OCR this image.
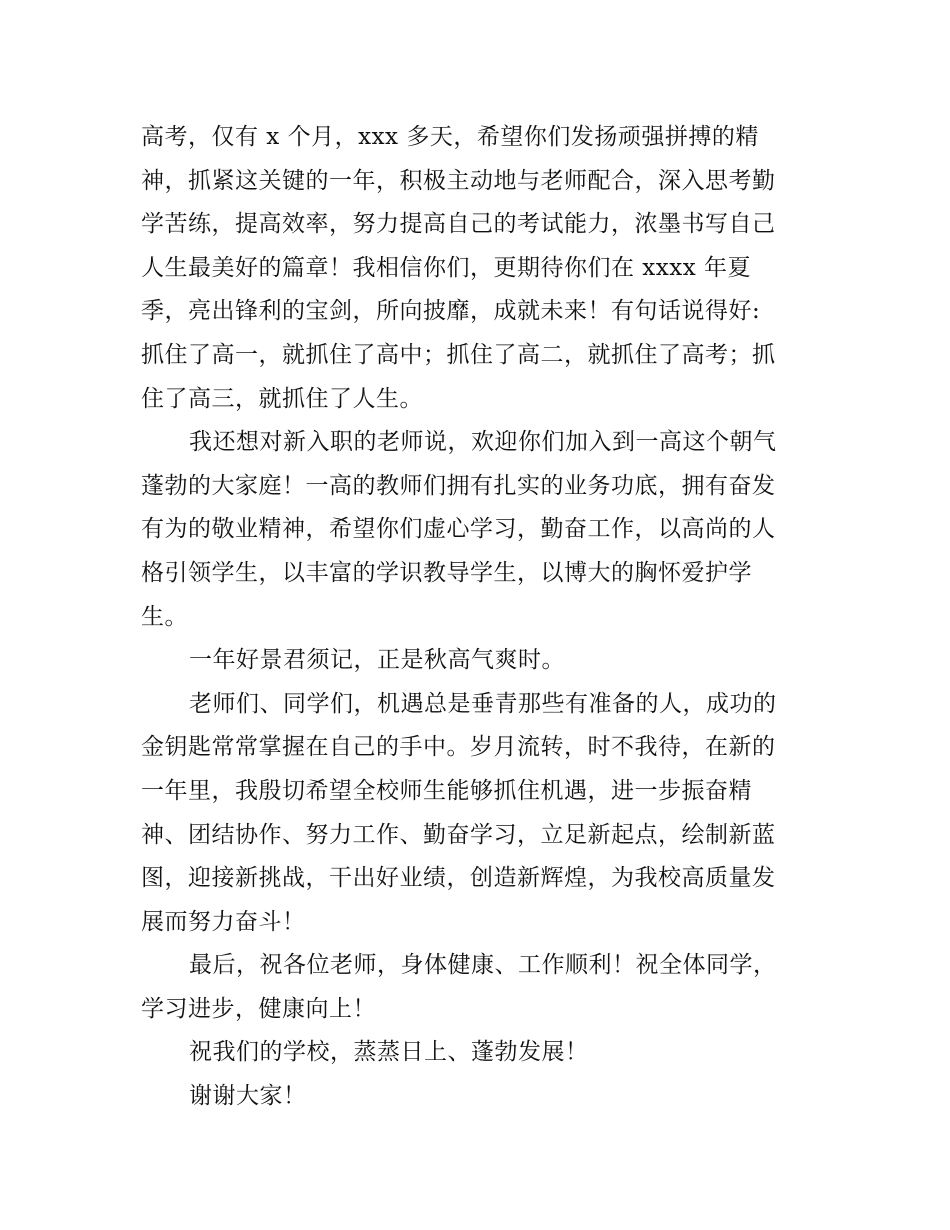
高考，仅有 x 个月，xxx 多天，希望你们发扬顽强拼搏的精
神，抓紧这关键的一年，积极主动地与老师配合，深入思考勤
学苦练，提高效率，努力提高自己的考试能力，浓墨书写自己
人生最美好的篇章！我相信你们，更期待你们在 xxxx 年夏
季，亮出锋利的宝剑，所向披靡，成就未来！有句话说得好:
抓住了高一，就抓住了高中；抓住了高二，就抓住了高考；抓
住了高三，就抓住了人生。
我还想对新入职的老师说，欢迎你们加入到一高这个朝气
蓬勃的大家庭！一高的教师们拥有扎实的业务功底，拥有奋发
有为的敬业精神，希望你们虚心学习，勤奋工作，以高尚的人
格引领学生，以丰富的学识教导学生，以博大的胸怀爱护学
生。
一年好景君须记，正是秋高气爽时。
老师们、同学们，机遇总是垂青那些有准备的人，成功的
金钥匙常常掌握在自己的手中。岁月流转，时不我待，在新的
一年里，我殷切希望全校师生能够抓住机遇，进一步振奋精
神、团结协作、努力工作、勤奋学习，立足新起点，绘制新蓝
图，迎接新挑战，干出好业绩，创造新辉煌，为我校高质量发
展而努力奋斗！
最后，祝各位老师，身体健康、工作顺利！祝全体同学，
学习进步，健康向上！
祝我们的学校，蒸蒸日上、蓬勃发展！
谢谢大家！
